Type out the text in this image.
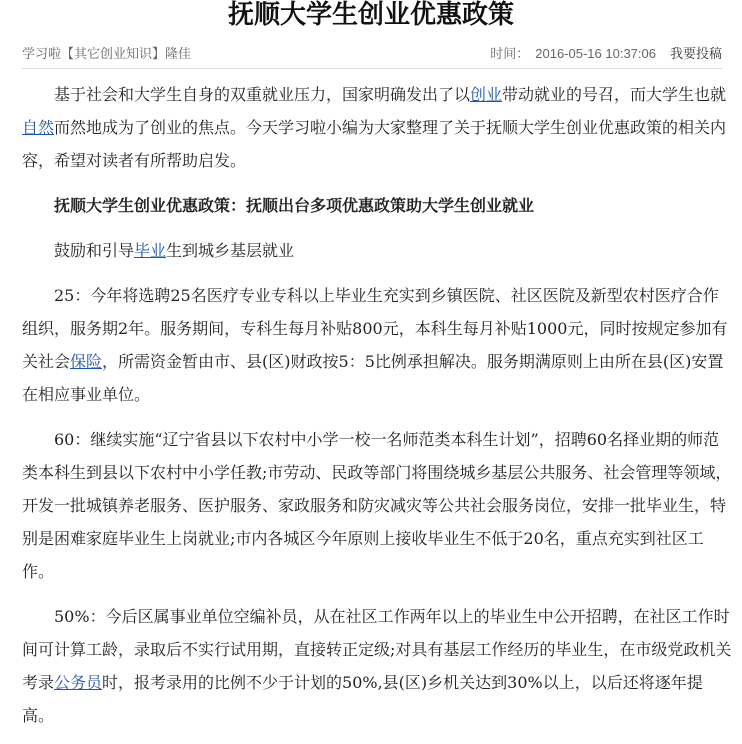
抚顺大学生创业优惠政策
学习啦【其它创业知识】隆佳	时间： 2016-05-16 10:37:06 我要投稿

基于社会和大学生自身的双重就业压力，国家明确发出了以创业带动就业的号召，而大学生也就自然而然地成为了创业的焦点。今天学习啦小编为大家整理了关于抚顺大学生创业优惠政策的相关内容，希望对读者有所帮助启发。

抚顺大学生创业优惠政策：抚顺出台多项优惠政策助大学生创业就业

鼓励和引导毕业生到城乡基层就业

25：今年将选聘25名医疗专业专科以上毕业生充实到乡镇医院、社区医院及新型农村医疗合作组织，服务期2年。服务期间，专科生每月补贴800元，本科生每月补贴1000元，同时按规定参加有关社会保险，所需资金暂由市、县(区)财政按5：5比例承担解决。服务期满原则上由所在县(区)安置在相应事业单位。

60：继续实施“辽宁省县以下农村中小学一校一名师范类本科生计划”，招聘60名择业期的师范类本科生到县以下农村中小学任教;市劳动、民政等部门将围绕城乡基层公共服务、社会管理等领域，开发一批城镇养老服务、医护服务、家政服务和防灾减灾等公共社会服务岗位，安排一批毕业生，特别是困难家庭毕业生上岗就业;市内各城区今年原则上接收毕业生不低于20名，重点充实到社区工作。

50%：今后区属事业单位空编补员，从在社区工作两年以上的毕业生中公开招聘，在社区工作时间可计算工龄，录取后不实行试用期，直接转正定级;对具有基层工作经历的毕业生，在市级党政机关考录公务员时，报考录用的比例不少于计划的50%,县(区)乡机关达到30%以上，以后还将逐年提高。
